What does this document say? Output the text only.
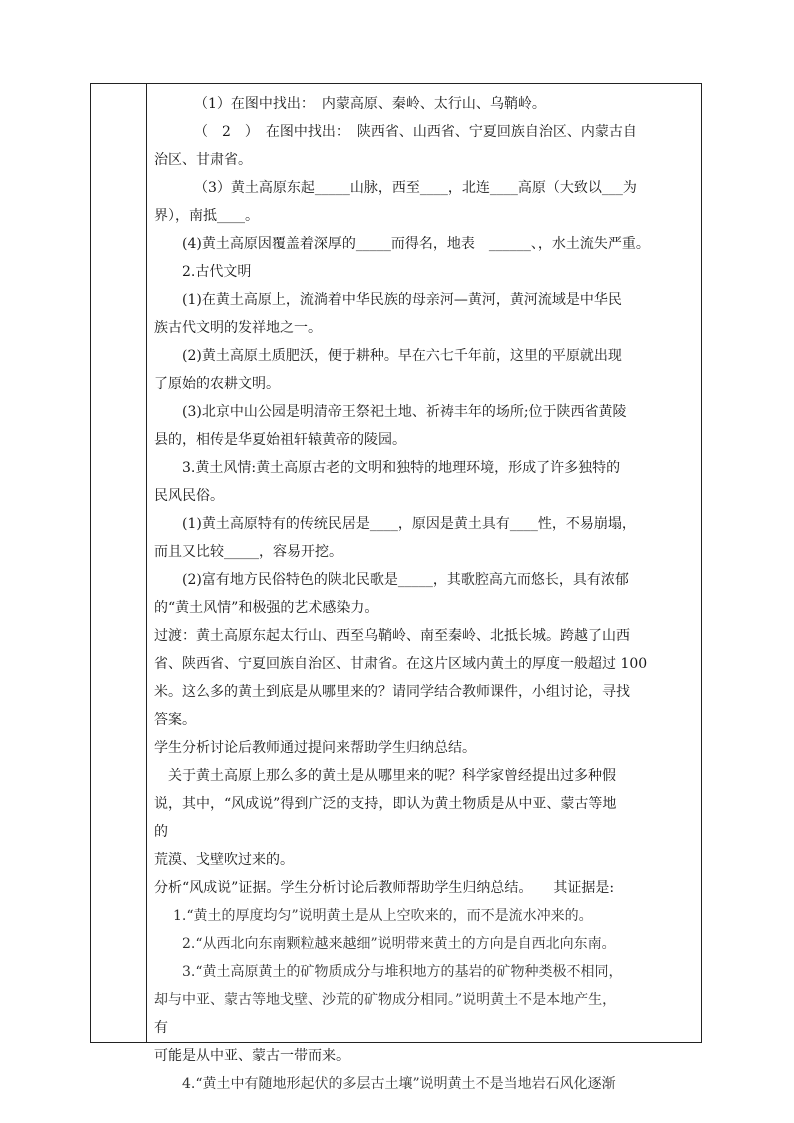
（1）在图中找出：　内蒙高原、秦岭、太行山、乌鞘岭。

（　2　）　在图中找出：　陕西省、山西省、宁夏回族自治区、内蒙古自

治区、甘肃省。

（3）黄土高原东起_____山脉，西至____，北连____高原（大致以___为

界），南抵____。

(4)黄土高原因覆盖着深厚的_____而得名，地表　______、，水土流失严重。

2.古代文明

(1)在黄土高原上，流淌着中华民族的母亲河—黄河，黄河流域是中华民

族古代文明的发祥地之一。

(2)黄土高原土质肥沃，便于耕种。早在六七千年前，这里的平原就出现

了原始的农耕文明。

(3)北京中山公园是明清帝王祭祀土地、祈祷丰年的场所;位于陕西省黄陵

县的，相传是华夏始祖轩辕黄帝的陵园。

3.黄土风情:黄土高原古老的文明和独特的地理环境，形成了许多独特的

民风民俗。

(1)黄土高原特有的传统民居是____，原因是黄土具有____性，不易崩塌，

而且又比较_____，容易开挖。

(2)富有地方民俗特色的陕北民歌是_____，其歌腔高亢而悠长，具有浓郁

的“黄土风情”和极强的艺术感染力。

过渡：黄土高原东起太行山、西至乌鞘岭、南至秦岭、北抵长城。跨越了山西

省、陕西省、宁夏回族自治区、甘肃省。在这片区域内黄土的厚度一般超过 100

米。这么多的黄土到底是从哪里来的？请同学结合教师课件，小组讨论，寻找

答案。

学生分析讨论后教师通过提问来帮助学生归纳总结。

关于黄土高原上那么多的黄土是从哪里来的呢？科学家曾经提出过多种假

说，其中，“风成说”得到广泛的支持，即认为黄土物质是从中亚、蒙古等地

的

荒漠、戈壁吹过来的。

分析“风成说”证据。学生分析讨论后教师帮助学生归纳总结。　　其证据是:

1.“黄土的厚度均匀”说明黄土是从上空吹来的，而不是流水冲来的。

2.“从西北向东南颗粒越来越细”说明带来黄土的方向是自西北向东南。

3.“黄土高原黄土的矿物质成分与堆积地方的基岩的矿物种类极不相同，

却与中亚、蒙古等地戈壁、沙荒的矿物成分相同。”说明黄土不是本地产生，

有

可能是从中亚、蒙古一带而来。

4.“黄土中有随地形起伏的多层古土壤”说明黄土不是当地岩石风化逐渐
